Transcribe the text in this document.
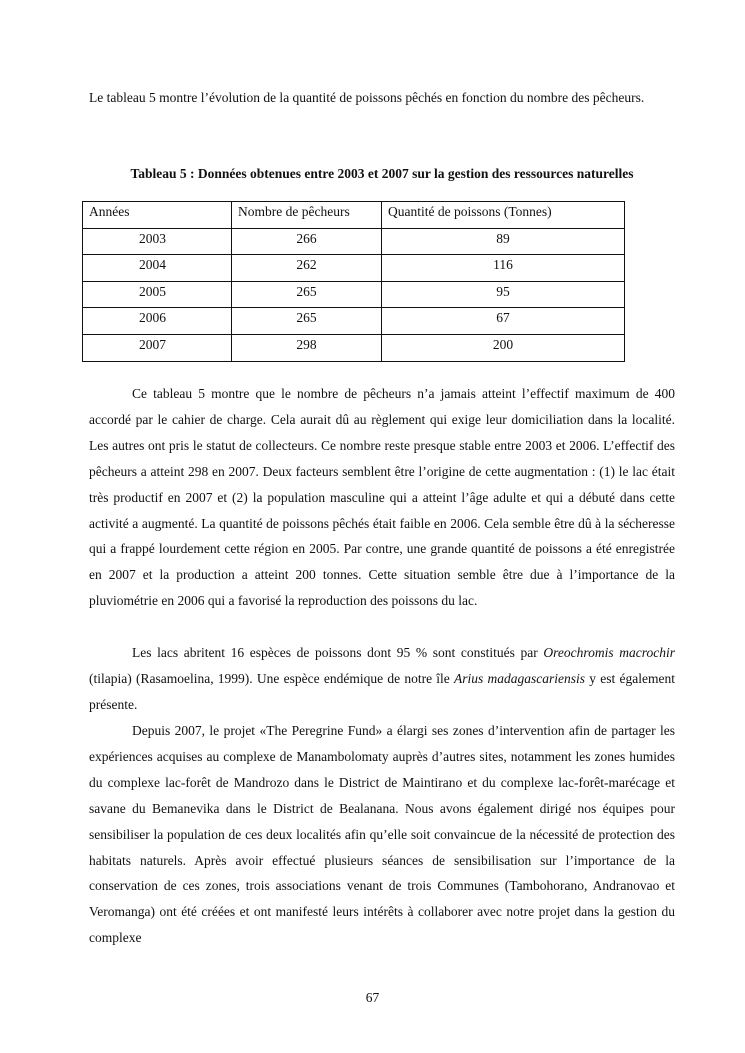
Le tableau 5 montre l’évolution de la quantité de poissons pêchés en fonction du nombre des pêcheurs.

Tableau 5 : Données obtenues entre 2003 et 2007 sur la gestion des ressources naturelles

Années	Nombre de pêcheurs	Quantité de poissons (Tonnes)
2003	266	89
2004	262	116
2005	265	95
2006	265	67
2007	298	200

Ce tableau 5 montre que le nombre de pêcheurs n’a jamais atteint l’effectif maximum de 400 accordé par le cahier de charge. Cela aurait dû au règlement qui exige leur domiciliation dans la localité. Les autres ont pris le statut de collecteurs. Ce nombre reste presque stable entre 2003 et 2006. L’effectif des pêcheurs a atteint 298 en 2007. Deux facteurs semblent être l’origine de cette augmentation : (1) le lac était très productif en 2007 et (2) la population masculine qui a atteint l’âge adulte et qui a débuté dans cette activité a augmenté. La quantité de poissons pêchés était faible en 2006. Cela semble être dû à la sécheresse qui a frappé lourdement cette région en 2005. Par contre, une grande quantité de poissons a été enregistrée en 2007 et la production a atteint 200 tonnes. Cette situation semble être due à l’importance de la pluviométrie en 2006 qui a favorisé la reproduction des poissons du lac.

Les lacs abritent 16 espèces de poissons dont 95 % sont constitués par Oreochromis macrochir (tilapia) (Rasamoelina, 1999). Une espèce endémique de notre île Arius madagascariensis y est également présente.

Depuis 2007, le projet «The Peregrine Fund» a élargi ses zones d’intervention afin de partager les expériences acquises au complexe de Manambolomaty auprès d’autres sites, notamment les zones humides du complexe lac-forêt de Mandrozo dans le District de Maintirano et du complexe lac-forêt-marécage et savane du Bemanevika dans le District de Bealanana. Nous avons également dirigé nos équipes pour sensibiliser la population de ces deux localités afin qu’elle soit convaincue de la nécessité de protection des habitats naturels. Après avoir effectué plusieurs séances de sensibilisation sur l’importance de la conservation de ces zones, trois associations venant de trois Communes (Tambohorano, Andranovao et Veromanga) ont été créées et ont manifesté leurs intérêts à collaborer avec notre projet dans la gestion du complexe

67
